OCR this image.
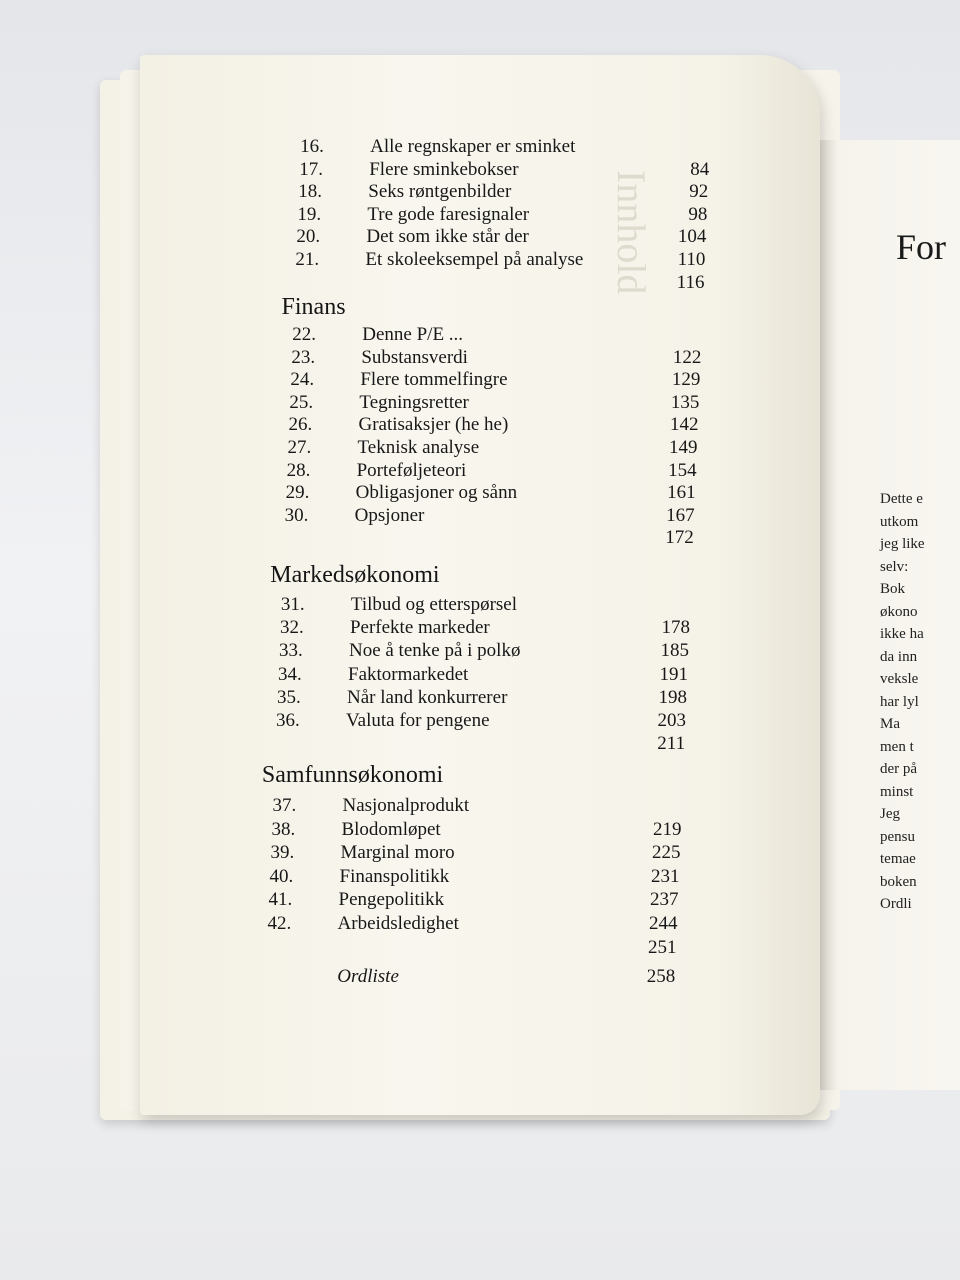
For
Dette e
utkom
jeg like
selv:
Bok
økono
ikke ha
da inn
veksle
har lyl
Ma
men t
der på
minst
Jeg
pensu
temae
boken
Ordli
Innhold
16. Alle regnskaper er sminket
17. Flere sminkebokser	84
18. Seks røntgenbilder	92
19. Tre gode faresignaler	98
20. Det som ikke står der	104
21. Et skoleeksempel på analyse	110
116
Finans
22. Denne P/E ...
23. Substansverdi	122
24. Flere tommelfingre	129
25. Tegningsretter	135
26. Gratisaksjer (he he)	142
27. Teknisk analyse	149
28. Porteføljeteori	154
29. Obligasjoner og sånn	161
30. Opsjoner	167
172
Markedsøkonomi
31. Tilbud og etterspørsel
32. Perfekte markeder	178
33. Noe å tenke på i polkø	185
34. Faktormarkedet	191
35. Når land konkurrerer	198
36. Valuta for pengene	203
211
Samfunnsøkonomi
37. Nasjonalprodukt
38. Blodomløpet	219
39. Marginal moro	225
40. Finanspolitikk	231
41. Pengepolitikk	237
42. Arbeidsledighet	244
251
Ordliste	258
